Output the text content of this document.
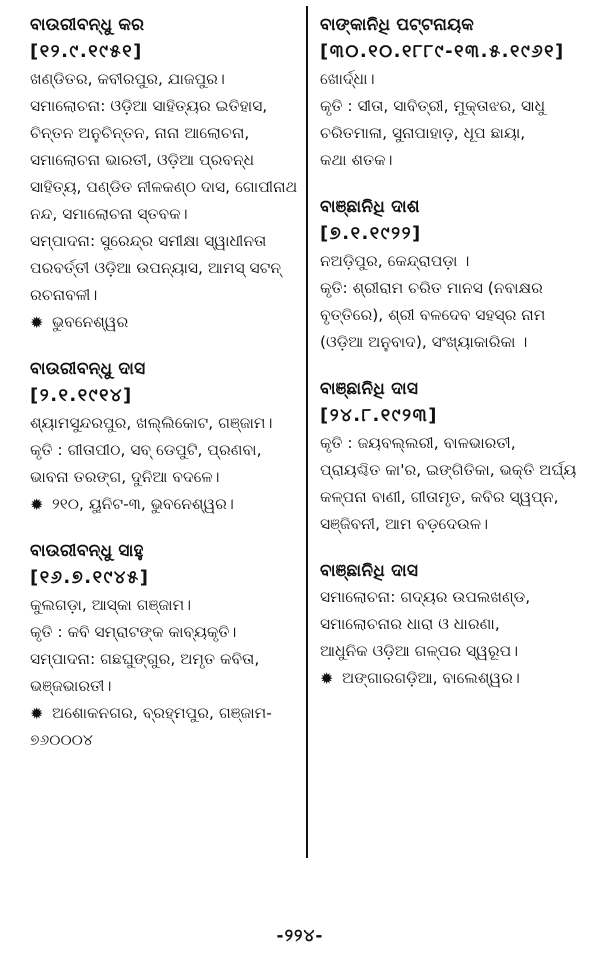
ବାଉରୀବନ୍ଧୁ କର
[୧୨.୯.୧୯୫୧]
ଖଣ୍ଡିତର, କବୀରପୁର, ଯାଜପୁର।
ସମାଲୋଚନା: ଓଡ଼ିଆ ସାହିତ୍ୟର ଇତିହାସ,
ଚିନ୍ତନ ଅନୁଚିନ୍ତନ, ନାନା ଆଲୋଚନା,
ସମାଲୋଚନା ଭାରତୀ, ଓଡ଼ିଆ ପ୍ରବନ୍ଧ
ସାହିତ୍ୟ, ପଣ୍ଡିତ ନୀଳକଣ୍ଠ ଦାସ, ଗୋପୀନାଥ
ନନ୍ଦ, ସମାଲୋଚନା ସ୍ତବକ।
ସମ୍ପାଦନା: ସୁରେନ୍ଦ୍ର ସମୀକ୍ଷା ସ୍ୱାଧୀନତା
ପରବର୍ତ୍ତୀ ଓଡ଼ିଆ ଉପନ୍ୟାସ, ଆମସ୍ ସଟନ୍
ରଚନାବଳୀ।
✹ ଭୁବନେଶ୍ୱର
ବାଉରୀବନ୍ଧୁ ଦାସ
[୨.୧.୧୯୧୪]
ଶ୍ୟାମସୁନ୍ଦରପୁର, ଖଲ୍ଲିକୋଟ, ଗଞ୍ଜାମ।
କୃତି : ଗୀତାପୀଠ, ସବ୍ ଡେପୁଟି, ପ୍ରଣବା,
ଭାବନା ତରଙ୍ଗ, ଦୁନିଆ ବଦଳେ।
✹ ୨୧୦, ୟୁନିଟ-୩, ଭୁବନେଶ୍ୱର।
ବାଉରୀବନ୍ଧୁ ସାହୁ
[୧୬.୭.୧୯୪୫]
କୁଲଗଡ଼ା, ଆସ୍କା ଗଞ୍ଜାମ।
କୃତି : କବି ସମ୍ରାଟଙ୍କ କାବ୍ୟକୃତି।
ସମ୍ପାଦନା: ଗଛଘୁଙ୍ଗୁର, ଅମୃତ କବିତା,
ଭଞ୍ଜଭାରତୀ।
✹ ଅଶୋକନଗର, ବ୍ରହ୍ମପୁର, ଗଞ୍ଜାମ-
୭୬୦୦୦୪
ବାଙ୍କାନିଧି ପଟ୍ଟନାୟକ
[୩୦.୧୦.୧୮୮୯-୧୩.୫.୧୯୬୧]
ଖୋର୍ଦ୍ଧା।
କୃତି : ସୀତା, ସାବିତ୍ରୀ, ମୁକ୍ତାଝର, ସାଧୁ
ଚରିତମାଳା, ସୁନାପାହାଡ଼, ଧୂପ ଛାୟା,
କଥା ଶତକ।
ବାଞ୍ଛାନିଧି ଦାଶ
[୭.୧.୧୯୨୨]
ନଅଡ଼ିପୁର, କେନ୍ଦ୍ରାପଡ଼ା ।
କୃତି: ଶ୍ରୀରାମ ଚରିତ ମାନସ (ନବାକ୍ଷର
ବୃତ୍ତିରେ), ଶ୍ରୀ ବଳଦେବ ସହସ୍ର ନାମ
(ଓଡ଼ିଆ ଅନୁବାଦ), ସଂଖ୍ୟାକାରିକା ।
ବାଞ୍ଛାନିଧି ଦାସ
[୨୪.୮.୧୯୨୩]
କୃତି : ଜୟବଲ୍ଲରୀ, ବାଳଭାରତୀ,
ପ୍ରାୟଶ୍ଚିତ କା'ର, ଇଙ୍ଗିତିକା, ଭକ୍ତି ଅର୍ଘ୍ୟ
କଳ୍ପନା ବାଣୀ, ଗୀତାମୃତ, କବିର ସ୍ୱପ୍ନ,
ସଞ୍ଜିବନୀ, ଆମ ବଡ଼ଦେଉଳ।
ବାଞ୍ଛାନିଧି ଦାସ
ସମାଲୋଚନା: ଗଦ୍ୟର ଉପଲଖଣ୍ଡ,
ସମାଲୋଚନାର ଧାରା ଓ ଧାରଣା,
ଆଧୁନିକ ଓଡ଼ିଆ ଗଳ୍ପର ସ୍ୱରୂପ।
✹ ଅଙ୍ଗାରଗଡ଼ିଆ, ବାଲେଶ୍ୱର।
-୨୨୪-
